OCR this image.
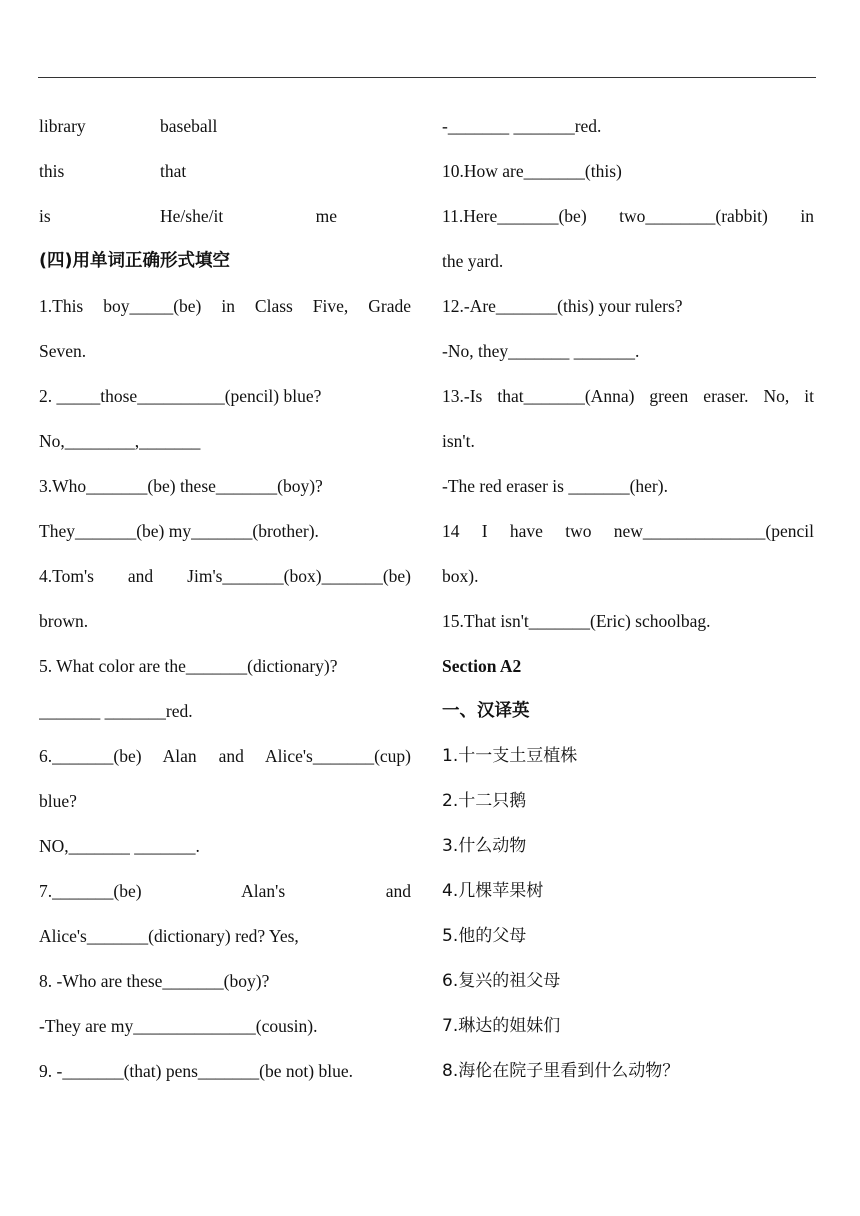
library	baseball
this	that
is	He/she/it	me
(四)用单词正确形式填空
1.This boy_____(be) in Class Five, Grade
Seven.
2. _____those__________(pencil) blue?
No,________,_______
3.Who_______(be) these_______(boy)?
They_______(be) my_______(brother).
4.Tom's and Jim's_______(box)_______(be)
brown.
5. What color are the_______(dictionary)?
_______ _______red.
6._______(be) Alan and Alice's_______(cup)
blue?
NO,_______ _______.
7._______(be) Alan's and
Alice's_______(dictionary) red? Yes,
8. -Who are these_______(boy)?
-They are my______________(cousin).
9. -_______(that) pens_______(be not) blue.
-_______ _______red.
10.How are_______(this)
11.Here_______(be) two________(rabbit) in
the yard.
12.-Are_______(this) your rulers?
-No, they_______ _______.
13.-Is that_______(Anna) green eraser. No, it
isn't.
-The red eraser is _______(her).
14 I have two new______________(pencil
box).
15.That isn't_______(Eric) schoolbag.
Section A2
一、汉译英
1.十一支土豆植株
2.十二只鹅
3.什么动物
4.几棵苹果树
5.他的父母
6.复兴的祖父母
7.琳达的姐妹们
8.海伦在院子里看到什么动物？
